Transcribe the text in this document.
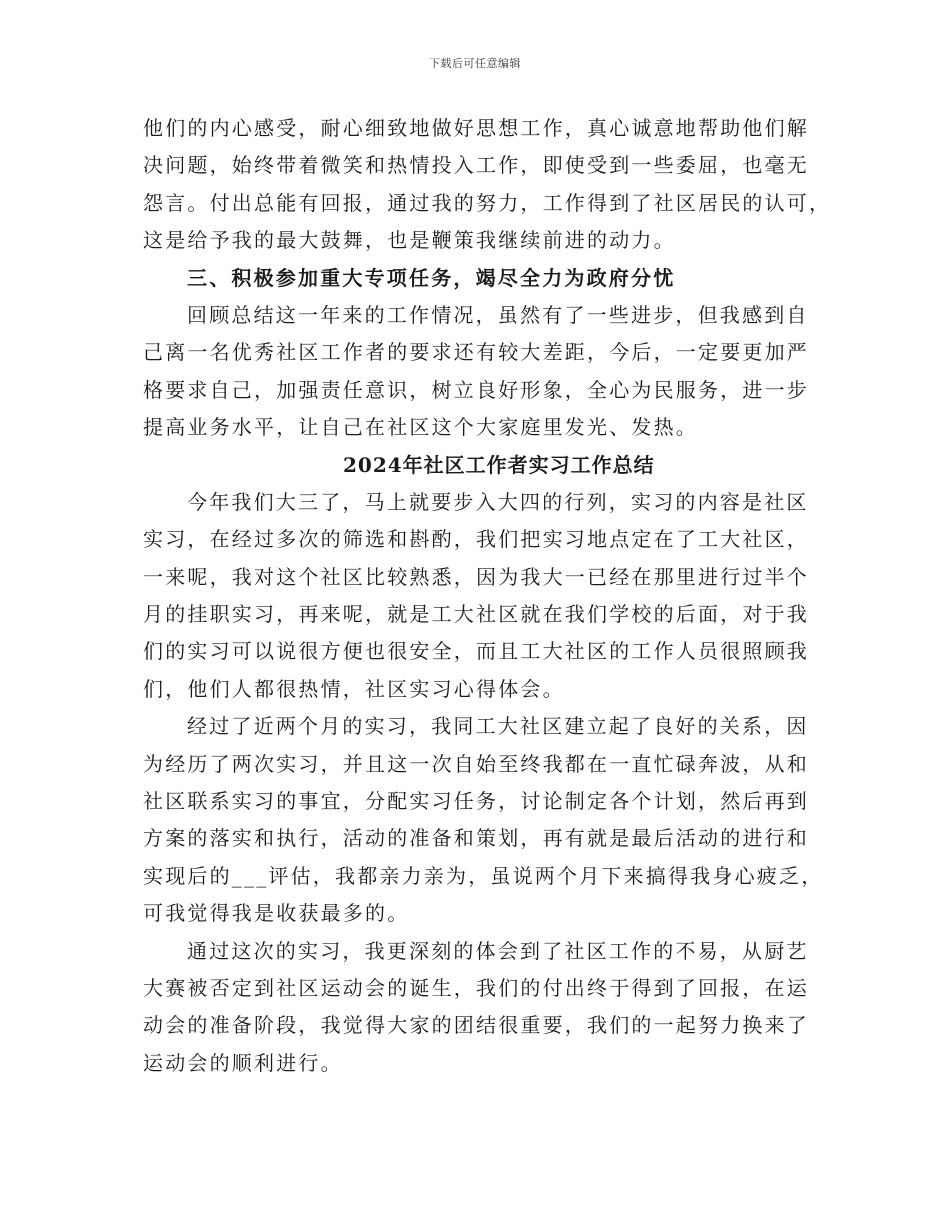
下载后可任意编辑
他们的内心感受，耐心细致地做好思想工作，真心诚意地帮助他们解
决问题，始终带着微笑和热情投入工作，即使受到一些委屈，也毫无
怨言。付出总能有回报，通过我的努力，工作得到了社区居民的认可，
这是给予我的最大鼓舞，也是鞭策我继续前进的动力。
三、积极参加重大专项任务，竭尽全力为政府分忧
回顾总结这一年来的工作情况，虽然有了一些进步，但我感到自
己离一名优秀社区工作者的要求还有较大差距，今后，一定要更加严
格要求自己，加强责任意识，树立良好形象，全心为民服务，进一步
提高业务水平，让自己在社区这个大家庭里发光、发热。
2024年社区工作者实习工作总结
今年我们大三了，马上就要步入大四的行列，实习的内容是社区
实习，在经过多次的筛选和斟酌，我们把实习地点定在了工大社区，
一来呢，我对这个社区比较熟悉，因为我大一已经在那里进行过半个
月的挂职实习，再来呢，就是工大社区就在我们学校的后面，对于我
们的实习可以说很方便也很安全，而且工大社区的工作人员很照顾我
们，他们人都很热情，社区实习心得体会。
经过了近两个月的实习，我同工大社区建立起了良好的关系，因
为经历了两次实习，并且这一次自始至终我都在一直忙碌奔波，从和
社区联系实习的事宜，分配实习任务，讨论制定各个计划，然后再到
方案的落实和执行，活动的准备和策划，再有就是最后活动的进行和
实现后的___评估，我都亲力亲为，虽说两个月下来搞得我身心疲乏，
可我觉得我是收获最多的。
通过这次的实习，我更深刻的体会到了社区工作的不易，从厨艺
大赛被否定到社区运动会的诞生，我们的付出终于得到了回报，在运
动会的准备阶段，我觉得大家的团结很重要，我们的一起努力换来了
运动会的顺利进行。
